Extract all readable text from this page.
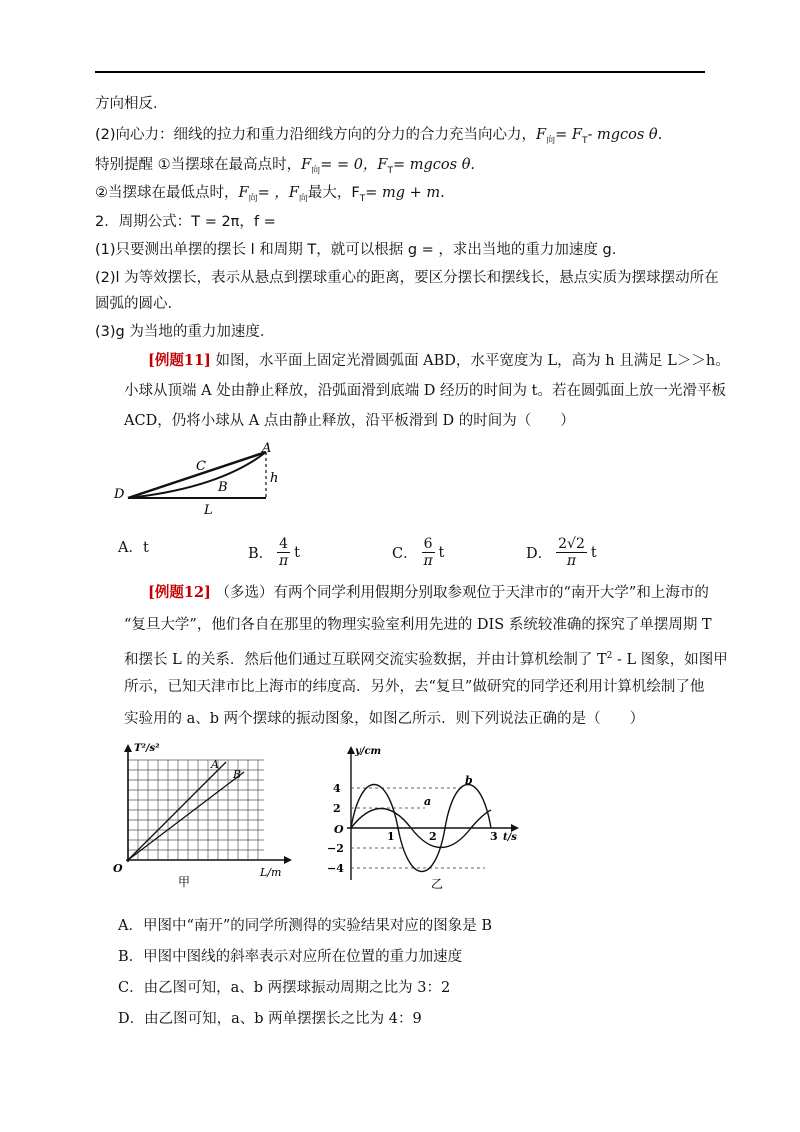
方向相反．
(2)向心力：细线的拉力和重力沿细线方向的分力的合力充当向心力，$F_向= F_T-$ mgcos θ.
特别提醒 ①当摆球在最高点时，$F_向= = 0$，$F_T= mgcos$ θ.
②当摆球在最低点时，$F_向=$ ，$F_向$最大，$F_T=$ mg + m.
2．周期公式：T = 2π，f =
(1)只要测出单摆的摆长 l 和周期 T，就可以根据 g = ，求出当地的重力加速度 g.
(2)l 为等效摆长，表示从悬点到摆球重心的距离，要区分摆长和摆线长，悬点实质为摆球摆动所在
圆弧的圆心．
(3)g 为当地的重力加速度．
[例题11] 如图，水平面上固定光滑圆弧面 ABD，水平宽度为 L，高为 h 且满足 L＞＞h。
小球从顶端 A 处由静止释放，沿弧面滑到底端 D 经历的时间为 t。若在圆弧面上放一光滑平板
ACD，仍将小球从 A 点由静止释放，沿平板滑到 D 的时间为（　　）
A
C
B
D
h
L
A．t	B． $\frac{4}{\pi}$ t	C． $\frac{6}{\pi}$ t	D． $\frac{2√2}{\pi}$ t
[例题12] （多选）有两个同学利用假期分别取参观位于天津市的“南开大学”和上海市的
“复旦大学”，他们各自在那里的物理实验室利用先进的 DIS 系统较准确的探究了单摆周期 T
和摆长 L 的关系．然后他们通过互联网交流实验数据，并由计算机绘制了 $T^2$ - L 图象，如图甲
所示，已知天津市比上海市的纬度高．另外，去“复旦”做研究的同学还利用计算机绘制了他
实验用的 a、b 两个摆球的振动图象，如图乙所示．则下列说法正确的是（　　）
T²/s²
A
B
O	L/m
甲
y/cm
4
2
−2
−4
O
1	2	3 t/s
a
b
乙
A．甲图中“南开”的同学所测得的实验结果对应的图象是 B
B．甲图中图线的斜率表示对应所在位置的重力加速度
C．由乙图可知，a、b 两摆球振动周期之比为 3：2
D．由乙图可知，a、b 两单摆摆长之比为 4：9
